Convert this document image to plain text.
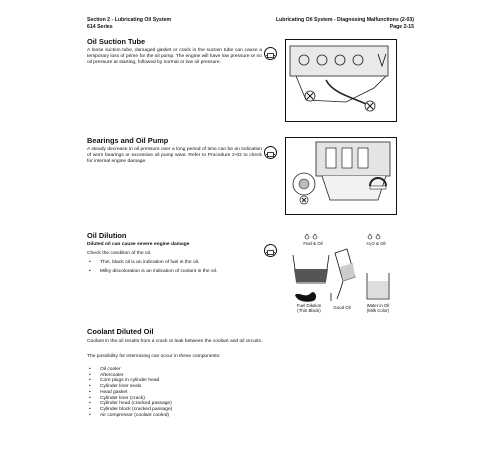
Section 2 - Lubricating Oil System
614 Series
Lubricating Oil System - Diagnosing Malfunctions (2-03)
Page 2-15
Oil Suction Tube
A loose suction tube, damaged gasket or crack in the suction tube can cause a temporary loss of prime for the oil pump. The engine will have low pressure or no oil pressure at starting, followed by normal or low oil pressure.
Bearings and Oil Pump
A steady decrease in oil pressure over a long period of time can be an indication of worn bearings or excessive oil pump wear. Refer to Procedure 2-02 to check for internal engine damage.
Oil Dilution
Diluted oil can cause severe engine damage
Check the condition of the oil.
• Thin, black oil is an indication of fuel in the oil.
• Milky discoloration is an indication of coolant in the oil.
Fuel & Oil	H₂O & Oil
Fuel Dilution
(Thin Black)
Good Oil	Water in Oil
(Milk Color)
Coolant Diluted Oil
Coolant in the oil results from a crack or leak between the coolant and oil circuits.
The possibility for intermixing can occur in these components:
• Oil cooler
• Aftercooler
• Core plugs in cylinder head
• Cylinder liner seals
• Head gasket
• Cylinder liner (crack)
• Cylinder head (cracked passage)
• Cylinder block (cracked passage)
• Air compressor (coolant cooled)
